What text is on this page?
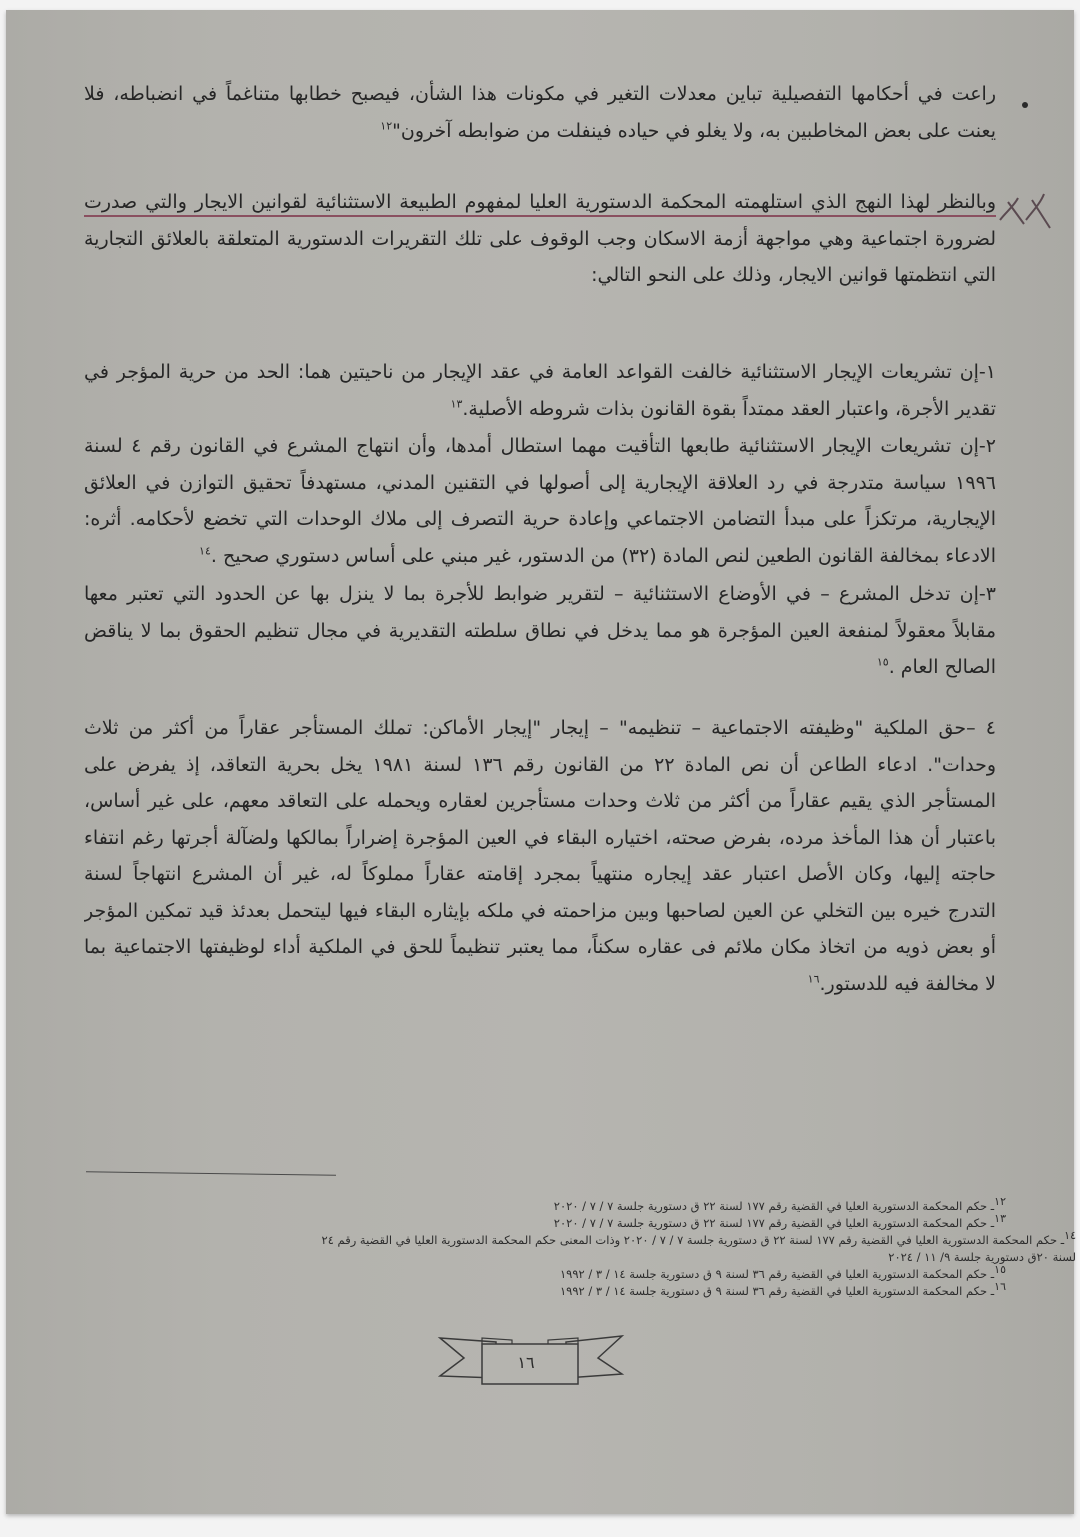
راعت في أحكامها التفصيلية تباين معدلات التغير في مكونات هذا الشأن، فيصبح خطابها متناغماً في انضباطه، فلا
يعنت على بعض المخاطبين به، ولا يغلو في حياده فينفلت من ضوابطه آخرون"$^{١٢}$
وبالنظر لهذا النهج الذي استلهمته المحكمة الدستورية العليا لمفهوم الطبيعة الاستثنائية لقوانين الايجار والتي صدرت
لضرورة اجتماعية وهي مواجهة أزمة الاسكان وجب الوقوف على تلك التقريرات الدستورية المتعلقة بالعلائق التجارية
التي انتظمتها قوانين الايجار، وذلك على النحو التالي:
١-إن تشريعات الإيجار الاستثنائية خالفت القواعد العامة في عقد الإيجار من ناحيتين هما: الحد من حرية المؤجر في
تقدير الأجرة، واعتبار العقد ممتداً بقوة القانون بذات شروطه الأصلية.$^{١٣}$
٢-إن تشريعات الإيجار الاستثنائية طابعها التأقيت مهما استطال أمدها، وأن انتهاج المشرع في القانون رقم ٤ لسنة
١٩٩٦ سياسة متدرجة في رد العلاقة الإيجارية إلى أصولها في التقنين المدني، مستهدفاً تحقيق التوازن في العلائق
الإيجارية، مرتكزاً على مبدأ التضامن الاجتماعي وإعادة حرية التصرف إلى ملاك الوحدات التي تخضع لأحكامه. أثره:
الادعاء بمخالفة القانون الطعين لنص المادة (٣٢) من الدستور، غير مبني على أساس دستوري صحيح .$^{١٤}$
٣-إن تدخل المشرع – في الأوضاع الاستثنائية – لتقرير ضوابط للأجرة بما لا ينزل بها عن الحدود التي تعتبر معها
مقابلاً معقولاً لمنفعة العين المؤجرة هو مما يدخل في نطاق سلطته التقديرية في مجال تنظيم الحقوق بما لا يناقض
الصالح العام .$^{١٥}$
٤ –حق الملكية "وظيفته الاجتماعية – تنظيمه" – إيجار "إيجار الأماكن: تملك المستأجر عقاراً من أكثر من ثلاث
وحدات". ادعاء الطاعن أن نص المادة ٢٢ من القانون رقم ١٣٦ لسنة ١٩٨١ يخل بحرية التعاقد، إذ يفرض على
المستأجر الذي يقيم عقاراً من أكثر من ثلاث وحدات مستأجرين لعقاره ويحمله على التعاقد معهم، على غير أساس،
باعتبار أن هذا المأخذ مرده، بفرض صحته، اختياره البقاء في العين المؤجرة إضراراً بمالكها ولضآلة أجرتها رغم انتفاء
حاجته إليها، وكان الأصل اعتبار عقد إيجاره منتهياً بمجرد إقامته عقاراً مملوكاً له، غير أن المشرع انتهاجاً لسنة
التدرج خيره بين التخلي عن العين لصاحبها وبين مزاحمته في ملكه بإيثاره البقاء فيها ليتحمل بعدئذ قيد تمكين المؤجر
أو بعض ذويه من اتخاذ مكان ملائم فى عقاره سكناً، مما يعتبر تنظيماً للحق في الملكية أداء لوظيفتها الاجتماعية بما
لا مخالفة فيه للدستور.$^{١٦}$
$^{١٢}$ـ حكم المحكمة الدستورية العليا في القضية رقم ١٧٧ لسنة ٢٢ ق دستورية جلسة ٧ / ٧ / ٢٠٢٠
$^{١٣}$ـ حكم المحكمة الدستورية العليا في القضية رقم ١٧٧ لسنة ٢٢ ق دستورية جلسة ٧ / ٧ / ٢٠٢٠
$^{١٤}$ـ حكم المحكمة الدستورية العليا في القضية رقم ١٧٧ لسنة ٢٢ ق دستورية جلسة ٧ / ٧ / ٢٠٢٠ وذات المعنى حكم المحكمة الدستورية العليا في القضية رقم ٢٤
لسنة ٢٠ق دستورية جلسة ٩/ ١١ / ٢٠٢٤
$^{١٥}$ـ حكم المحكمة الدستورية العليا في القضية رقم ٣٦ لسنة ٩ ق دستورية جلسة ١٤ / ٣ / ١٩٩٢
$^{١٦}$ـ حكم المحكمة الدستورية العليا في القضية رقم ٣٦ لسنة ٩ ق دستورية جلسة ١٤ / ٣ / ١٩٩٢
١٦
